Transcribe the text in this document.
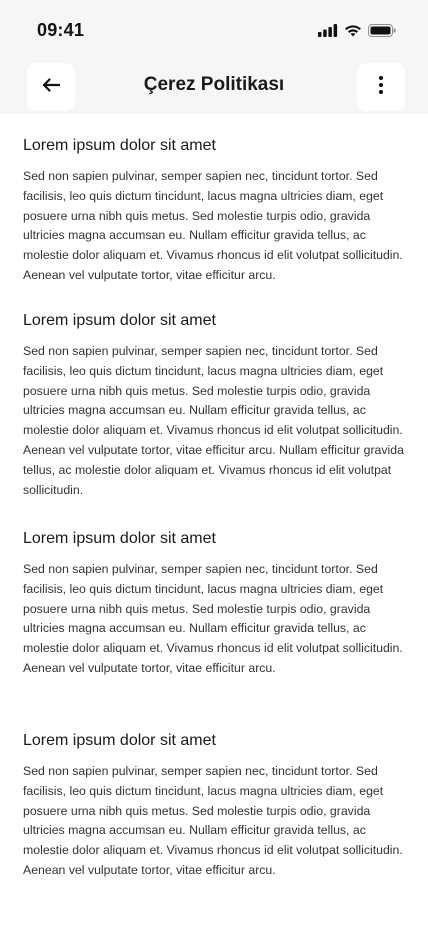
09:41
Çerez Politikası
Lorem ipsum dolor sit amet

Sed non sapien pulvinar, semper sapien nec, tincidunt tortor. Sed facilisis, leo quis dictum tincidunt, lacus magna ultricies diam, eget posuere urna nibh quis metus. Sed molestie turpis odio, gravida ultricies magna accumsan eu. Nullam efficitur gravida tellus, ac molestie dolor aliquam et. Vivamus rhoncus id elit volutpat sollicitudin. Aenean vel vulputate tortor, vitae efficitur arcu.

Lorem ipsum dolor sit amet

Sed non sapien pulvinar, semper sapien nec, tincidunt tortor. Sed facilisis, leo quis dictum tincidunt, lacus magna ultricies diam, eget posuere urna nibh quis metus. Sed molestie turpis odio, gravida ultricies magna accumsan eu. Nullam efficitur gravida tellus, ac molestie dolor aliquam et. Vivamus rhoncus id elit volutpat sollicitudin. Aenean vel vulputate tortor, vitae efficitur arcu. Nullam efficitur gravida tellus, ac molestie dolor aliquam et. Vivamus rhoncus id elit volutpat sollicitudin.

Lorem ipsum dolor sit amet

Sed non sapien pulvinar, semper sapien nec, tincidunt tortor. Sed facilisis, leo quis dictum tincidunt, lacus magna ultricies diam, eget posuere urna nibh quis metus. Sed molestie turpis odio, gravida ultricies magna accumsan eu. Nullam efficitur gravida tellus, ac molestie dolor aliquam et. Vivamus rhoncus id elit volutpat sollicitudin. Aenean vel vulputate tortor, vitae efficitur arcu.

Lorem ipsum dolor sit amet

Sed non sapien pulvinar, semper sapien nec, tincidunt tortor. Sed facilisis, leo quis dictum tincidunt, lacus magna ultricies diam, eget posuere urna nibh quis metus. Sed molestie turpis odio, gravida ultricies magna accumsan eu. Nullam efficitur gravida tellus, ac molestie dolor aliquam et. Vivamus rhoncus id elit volutpat sollicitudin. Aenean vel vulputate tortor, vitae efficitur arcu.
